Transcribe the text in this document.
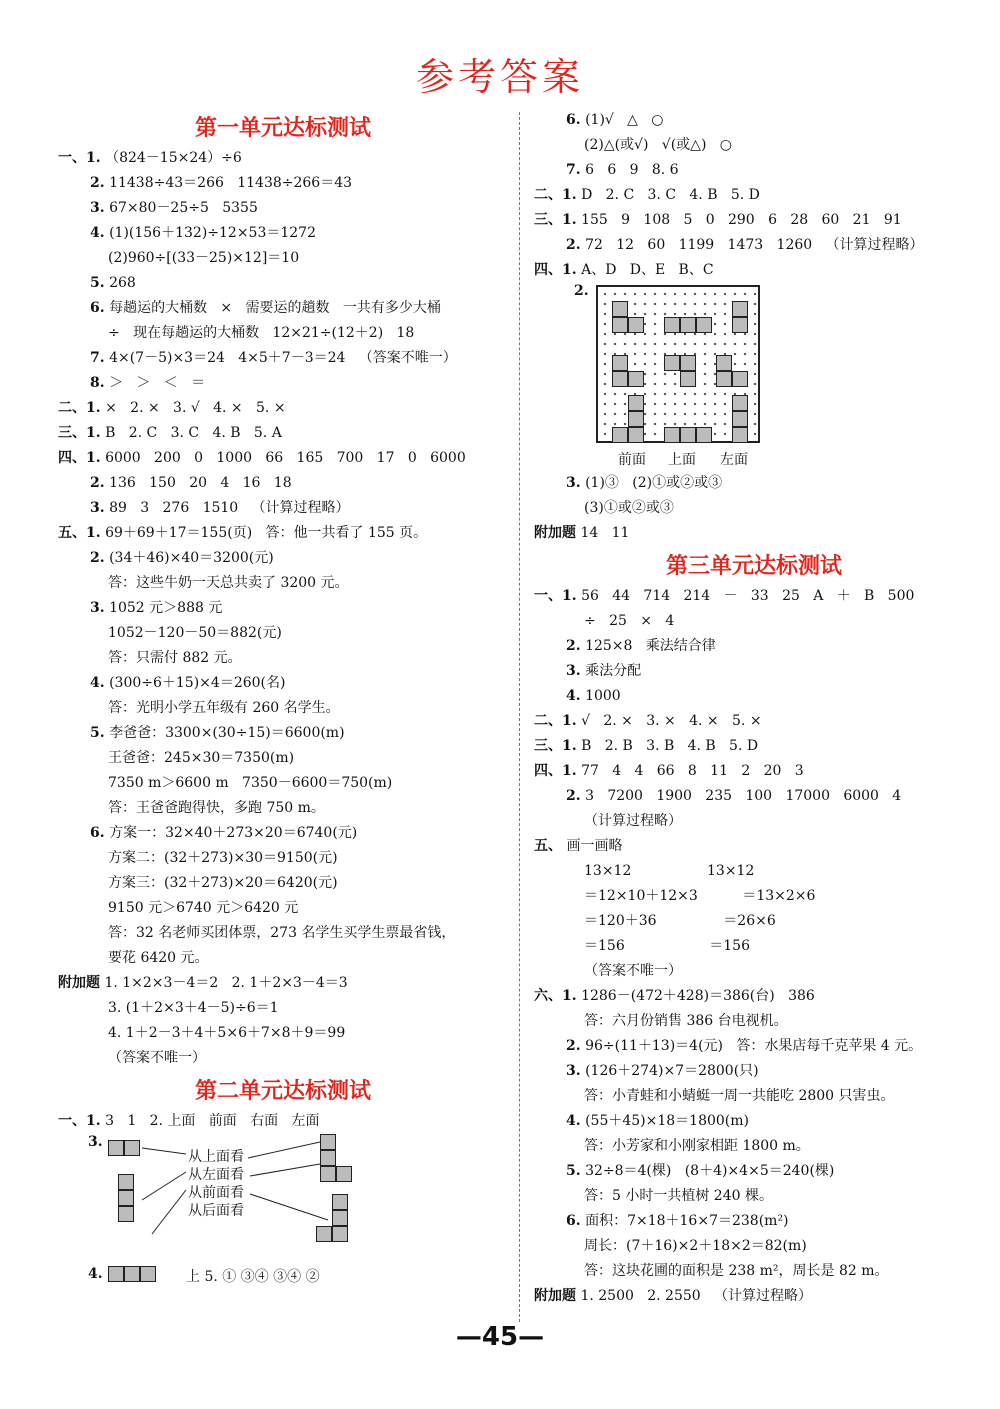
参考答案
第一单元达标测试
一、1. （824－15×24）÷6
2. 11438÷43＝266   11438÷266＝43
3. 67×80－25÷5   5355
4. (1)(156＋132)÷12×53＝1272
(2)960÷[(33－25)×12]＝10
5. 268
6. 每趟运的大桶数   ×   需要运的趟数   一共有多少大桶
÷   现在每趟运的大桶数   12×21÷(12＋2)   18
7. 4×(7－5)×3＝24   4×5＋7－3＝24   （答案不唯一）
8. ＞   ＞   ＜   ＝
二、1. ×   2. ×   3. √   4. ×   5. ×
三、1. B   2. C   3. C   4. B   5. A
四、1. 6000   200   0   1000   66   165   700   17   0   6000
2. 136   150   20   4   16   18
3. 89   3   276   1510   （计算过程略）
五、1. 69＋69＋17＝155(页)   答：他一共看了 155 页。
2. (34＋46)×40＝3200(元)
答：这些牛奶一天总共卖了 3200 元。
3. 1052 元＞888 元
1052－120－50＝882(元)
答：只需付 882 元。
4. (300÷6＋15)×4＝260(名)
答：光明小学五年级有 260 名学生。
5. 李爸爸：3300×(30÷15)＝6600(m)
王爸爸：245×30＝7350(m)
7350 m＞6600 m   7350－6600＝750(m)
答：王爸爸跑得快，多跑 750 m。
6. 方案一：32×40＋273×20＝6740(元)
方案二：(32＋273)×30＝9150(元)
方案三：(32＋273)×20＝6420(元)
9150 元＞6740 元＞6420 元
答：32 名老师买团体票，273 名学生买学生票最省钱，
要花 6420 元。
附加题 1. 1×2×3－4＝2   2. 1＋2×3－4＝3
3. (1＋2×3＋4－5)÷6＝1
4. 1＋2－3＋4＋5×6＋7×8＋9＝99
（答案不唯一）
第二单元达标测试
一、1. 3   1   2. 上面   前面   右面   左面
3.
从上面看
从左面看
从前面看
从后面看
4.	上 5. ① ③④ ③④ ②
6. (1)√   △   ○
(2)△(或√)   √(或△)   ○
7. 6   6   9   8. 6
二、1. D   2. C   3. C   4. B   5. D
三、1. 155   9   108   5   0   290   6   28   60   21   91
2. 72   12   60   1199   1473   1260   （计算过程略）
四、1. A、D   D、E   B、C
2.
前面 上面 左面
3. (1)③   (2)①或②或③
(3)①或②或③
附加题 14   11
第三单元达标测试
一、1. 56   44   714   214   －   33   25   A   ＋   B   500
÷   25   ×   4
2. 125×8   乘法结合律
3. 乘法分配
4. 1000
二、1. √   2. ×   3. ×   4. ×   5. ×
三、1. B   2. B   3. B   4. B   5. D
四、1. 77   4   4   66   8   11   2   20   3
2. 3   7200   1900   235   100   17000   6000   4
（计算过程略）
五、 画一画略
13×12                 13×12
＝12×10＋12×3          ＝13×2×6
＝120＋36               ＝26×6
＝156                   ＝156
（答案不唯一）
六、1. 1286－(472＋428)＝386(台)   386
答：六月份销售 386 台电视机。
2. 96÷(11＋13)＝4(元)   答：水果店每千克苹果 4 元。
3. (126＋274)×7＝2800(只)
答：小青蛙和小蜻蜓一周一共能吃 2800 只害虫。
4. (55＋45)×18＝1800(m)
答：小芳家和小刚家相距 1800 m。
5. 32÷8＝4(棵)   (8＋4)×4×5＝240(棵)
答：5 小时一共植树 240 棵。
6. 面积：7×18＋16×7＝238(m²)
周长：(7＋16)×2＋18×2＝82(m)
答：这块花圃的面积是 238 m²，周长是 82 m。
附加题 1. 2500   2. 2550   （计算过程略）
—45—
